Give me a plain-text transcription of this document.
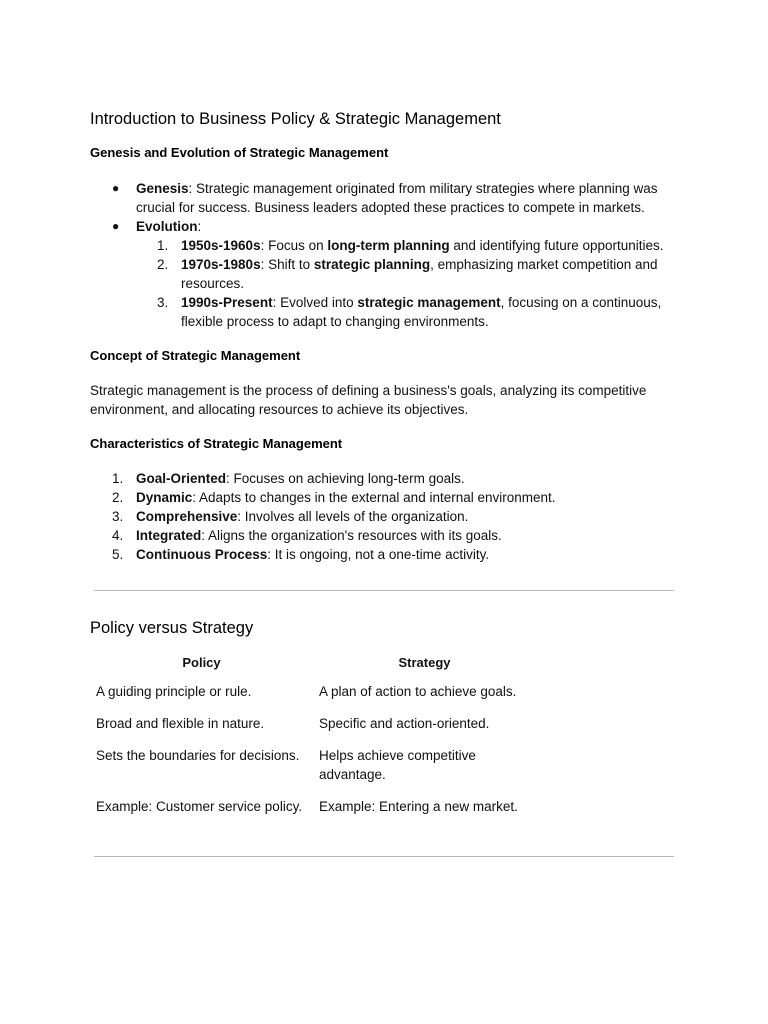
Introduction to Business Policy & Strategic Management
Genesis and Evolution of Strategic Management
● Genesis: Strategic management originated from military strategies where planning was crucial for success. Business leaders adopted these practices to compete in markets.
● Evolution:
1. 1950s-1960s: Focus on long-term planning and identifying future opportunities.
2. 1970s-1980s: Shift to strategic planning, emphasizing market competition and resources.
3. 1990s-Present: Evolved into strategic management, focusing on a continuous, flexible process to adapt to changing environments.
Concept of Strategic Management

Strategic management is the process of defining a business's goals, analyzing its competitive environment, and allocating resources to achieve its objectives.

Characteristics of Strategic Management
1. Goal-Oriented: Focuses on achieving long-term goals.
2. Dynamic: Adapts to changes in the external and internal environment.
3. Comprehensive: Involves all levels of the organization.
4. Integrated: Aligns the organization's resources with its goals.
5. Continuous Process: It is ongoing, not a one-time activity.
Policy versus Strategy
Policy	Strategy
A guiding principle or rule.	A plan of action to achieve goals.
Broad and flexible in nature.	Specific and action-oriented.
Sets the boundaries for decisions.	Helps achieve competitive advantage.
Example: Customer service policy.	Example: Entering a new market.
